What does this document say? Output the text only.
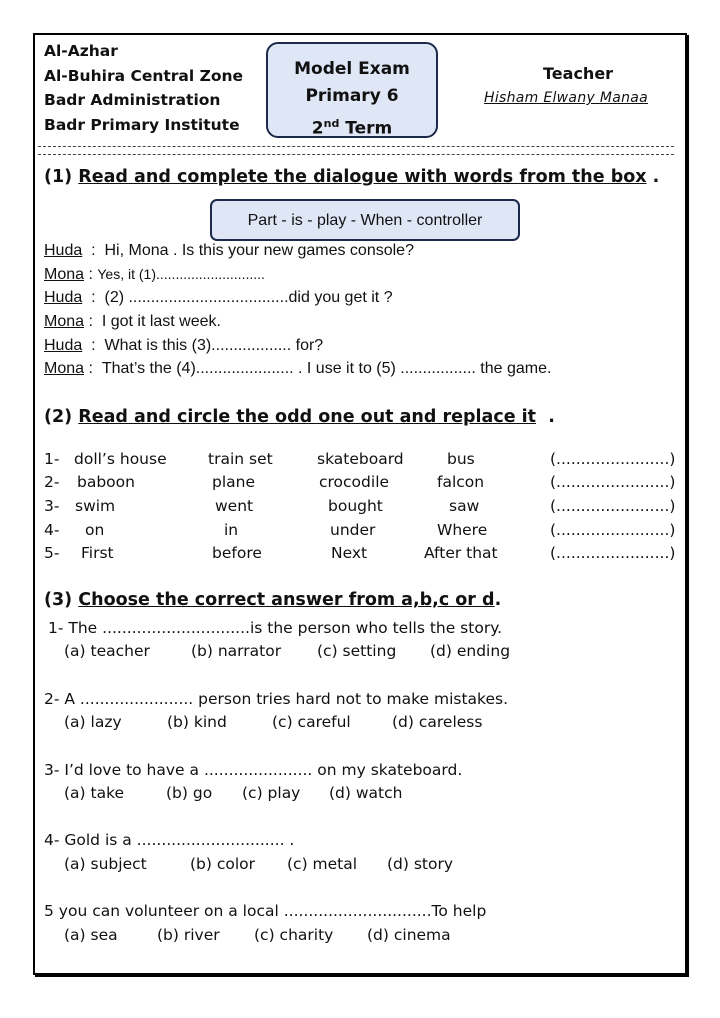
Al-Azhar
Al-Buhira Central Zone
Badr Administration
Badr Primary Institute
Model Exam
Primary 6
2nd Term
Teacher
Hisham Elwany Manaa
(1) Read and complete the dialogue with words from the box .
Part - is - play - When - controller
Huda  :  Hi, Mona . Is this your new games console?
Mona : Yes, it (1)............................
Huda  :  (2) ....................................did you get it ?
Mona :  I got it last week.
Huda  :  What is this (3).................. for?
Mona :  That’s the (4)...................... . I use it to (5) ................. the game.
(2) Read and circle the odd one out and replace it .
1- doll’s house	train set	skateboard	bus	(.......................)
2- baboon	plane	crocodile	falcon	(.......................)
3- swim	went	bought	saw	(.......................)
4- on	in	under	Where	(.......................)
5- First	before	Next	After that	(.......................)
(3) Choose the correct answer from a,b,c or d.
1- The ..............................is the person who tells the story.
(a) teacher	(b) narrator (c) setting (d) ending
2- A ....................... person tries hard not to make mistakes.
(a) lazy	(b) kind	(c) careful	(d) careless
3- I’d love to have a ...................... on my skateboard.
(a) take	(b) go (c) play (d) watch
4- Gold is a .............................. .
(a) subject	(b) color (c) metal (d) story
5 you can volunteer on a local ..............................To help
(a) sea	(b) river (c) charity (d) cinema
